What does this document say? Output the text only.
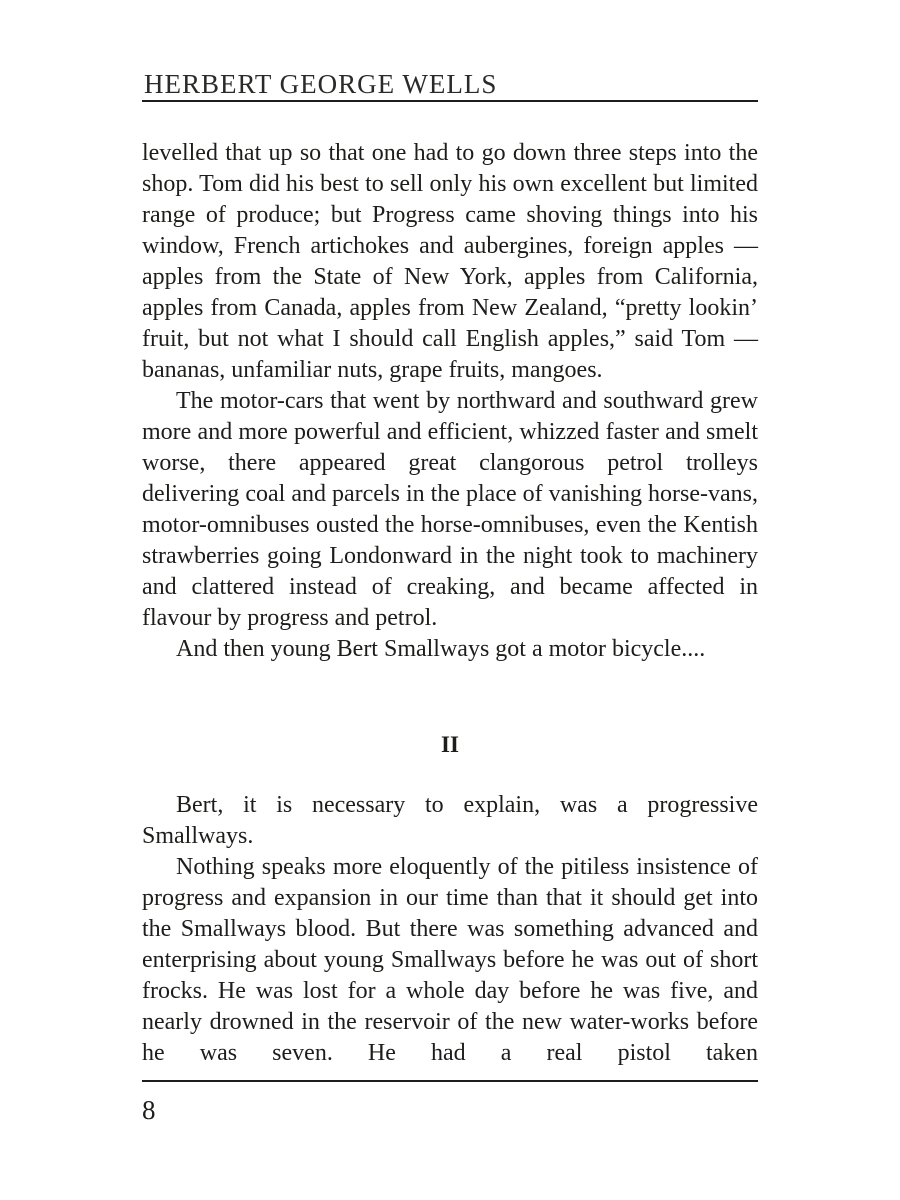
HERBERT GEORGE WELLS

levelled that up so that one had to go down three steps into the shop. Tom did his best to sell only his own excellent but limited range of produce; but Progress came shoving things into his window, French artichokes and aubergines, foreign apples — apples from the State of New York, apples from California, apples from Canada, apples from New Zealand, “pretty lookin’ fruit, but not what I should call English apples,” said Tom — bananas, unfamiliar nuts, grape fruits, mangoes.

The motor-cars that went by northward and southward grew more and more powerful and efficient, whizzed faster and smelt worse, there appeared great clangorous petrol trolleys delivering coal and parcels in the place of vanishing horse-vans, motor-omnibuses ousted the horse-omnibuses, even the Kentish strawberries going Londonward in the night took to machinery and clattered instead of creaking, and became affected in flavour by progress and petrol.

And then young Bert Smallways got a motor bicycle....

II

Bert, it is necessary to explain, was a progressive Smallways.

Nothing speaks more eloquently of the pitiless insistence of progress and expansion in our time than that it should get into the Smallways blood. But there was something advanced and enterprising about young Smallways before he was out of short frocks. He was lost for a whole day before he was five, and nearly drowned in the reservoir of the new water-works before he was seven. He had a real pistol taken

8
